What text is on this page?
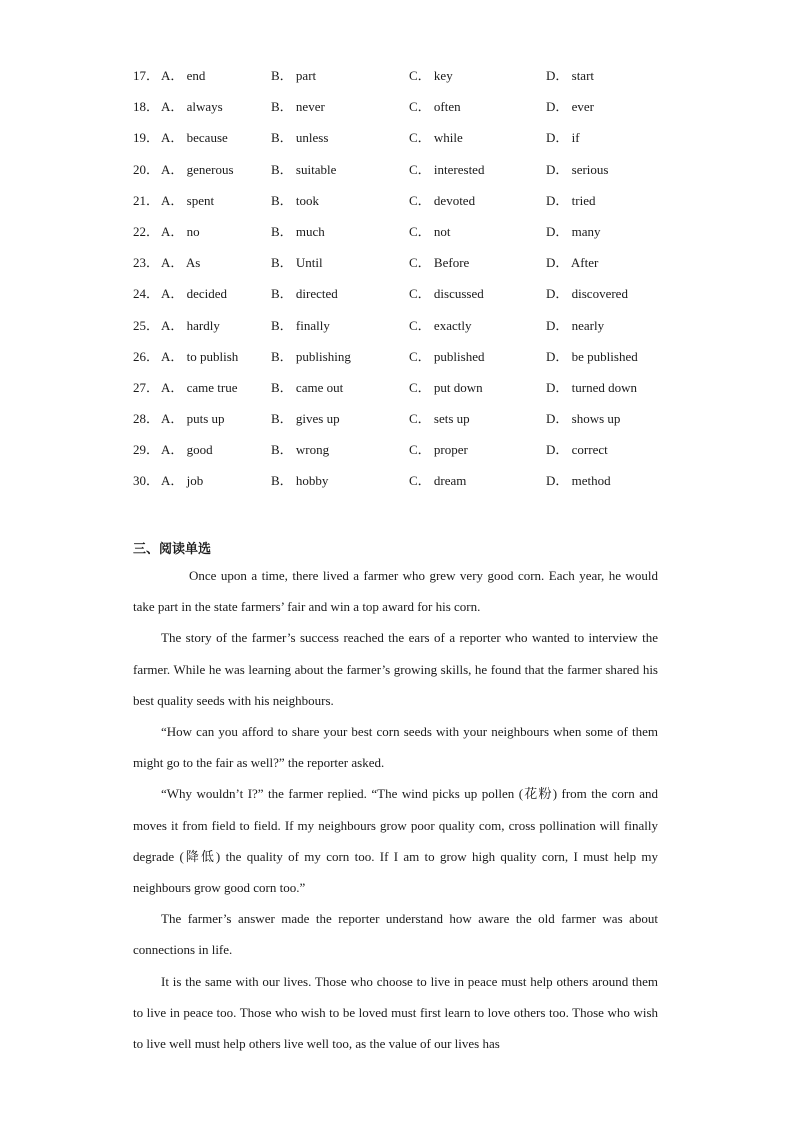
17． A． end	B． part	C． key	D． start
18． A． always	B． never	C． often	D． ever
19． A． because	B． unless	C． while	D． if
20． A． generous	B． suitable	C． interested	D． serious
21． A． spent	B． took	C． devoted	D． tried
22． A． no	B． much	C． not	D． many
23． A． As	B． Until	C． Before	D． After
24． A． decided	B． directed	C． discussed	D． discovered
25． A． hardly	B． finally	C． exactly	D． nearly
26． A． to publish	B． publishing	C． published	D． be published
27． A． came true	B． came out	C． put down	D． turned down
28． A． puts up	B． gives up	C． sets up	D． shows up
29． A． good	B． wrong	C． proper	D． correct
30． A． job	B． hobby	C． dream	D． method
三、阅读单选

Once upon a time, there lived a farmer who grew very good corn. Each year, he would take part in the state farmers’ fair and win a top award for his corn.

The story of the farmer’s success reached the ears of a reporter who wanted to interview the farmer. While he was learning about the farmer’s growing skills, he found that the farmer shared his best quality seeds with his neighbours.

“How can you afford to share your best corn seeds with your neighbours when some of them might go to the fair as well?” the reporter asked.

“Why wouldn’t I?” the farmer replied. “The wind picks up pollen (花粉) from the corn and moves it from field to field. If my neighbours grow poor quality com, cross pollination will finally degrade (降低) the quality of my corn too. If I am to grow high quality corn, I must help my neighbours grow good corn too.”

The farmer’s answer made the reporter understand how aware the old farmer was about connections in life.

It is the same with our lives. Those who choose to live in peace must help others around them to live in peace too. Those who wish to be loved must first learn to love others too. Those who wish to live well must help others live well too, as the value of our lives has
